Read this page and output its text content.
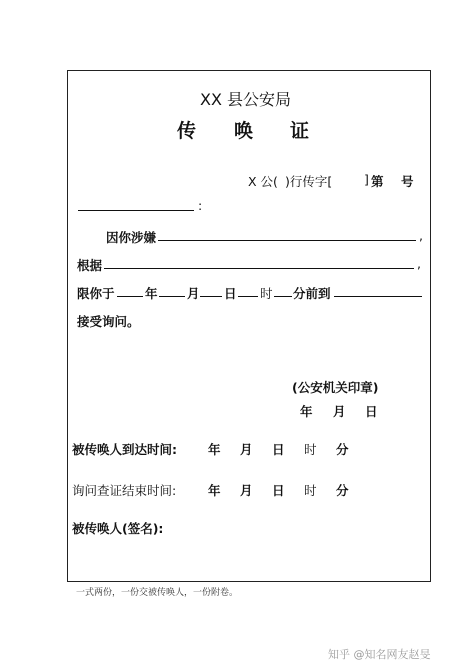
XX 县公安局
传 唤 证
X 公( )行传字[	] 第 号
:
因你涉嫌	,
根据	,
限你于 年 月 日 时 分前到
接受询问。
(公安机关印章)
年 月 日
被传唤人到达时间: 年 月 日 时 分
询问查证结束时间:	年 月 日 时 分
被传唤人(签名):
一式两份，一份交被传唤人，一份附卷。
知乎 @知名网友赵旻
